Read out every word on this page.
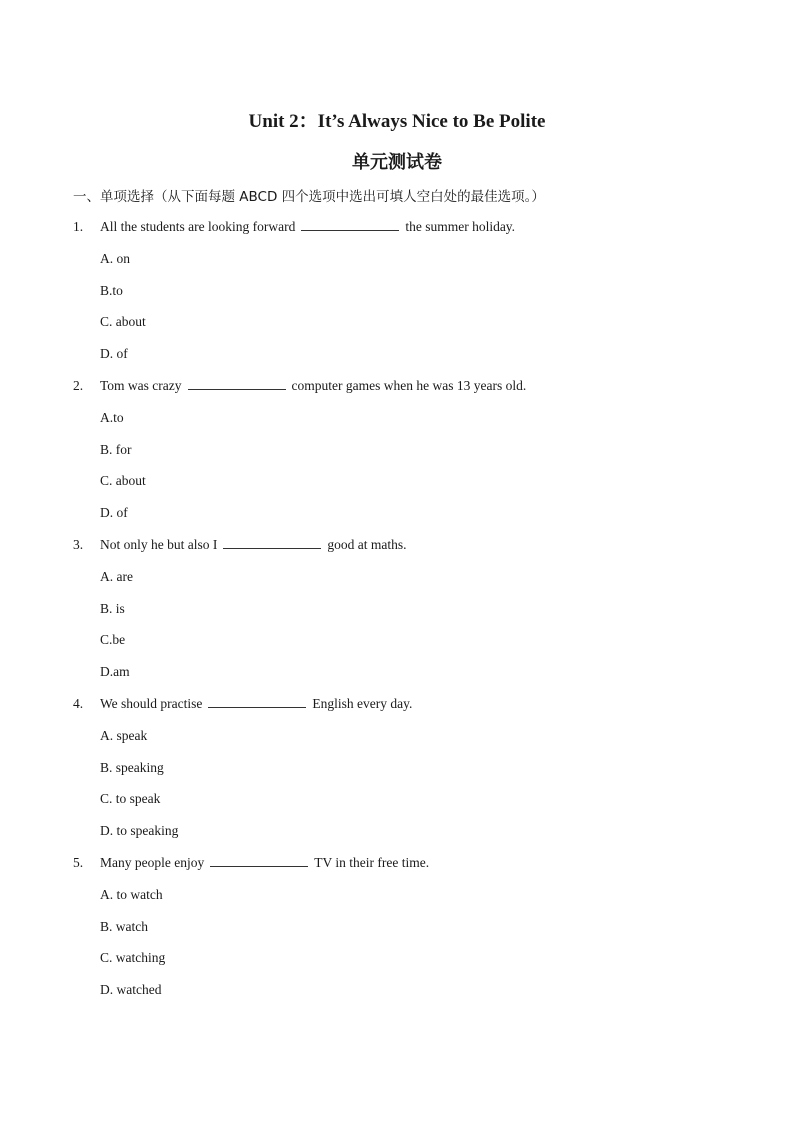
Unit 2：It’s Always Nice to Be Polite
单元测试卷

一、单项选择（从下面每题 ABCD 四个选项中选出可填人空白处的最佳选项。）

1. All the students are looking forward	the summer holiday.
A. on
B.to
C. about
D. of
2. Tom was crazy	computer games when he was 13 years old.
A.to
B. for
C. about
D. of
3. Not only he but also I	good at maths.
A. are
B. is
C.be
D.am
4. We should practise	English every day.
A. speak
B. speaking
C. to speak
D. to speaking
5. Many people enjoy	TV in their free time.
A. to watch
B. watch
C. watching
D. watched
